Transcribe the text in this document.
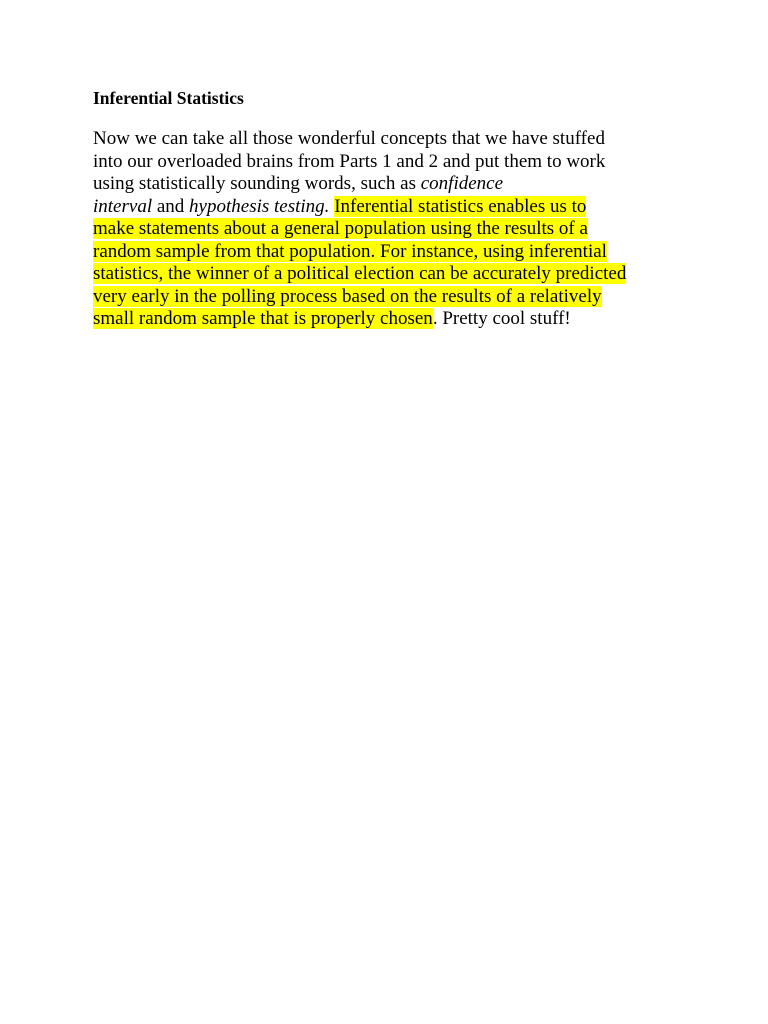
Inferential Statistics
Now we can take all those wonderful concepts that we have stuffed
into our overloaded brains from Parts 1 and 2 and put them to work
using statistically sounding words, such as confidence
interval and hypothesis testing. Inferential statistics enables us to
make statements about a general population using the results of a
random sample from that population. For instance, using inferential
statistics, the winner of a political election can be accurately predicted
very early in the polling process based on the results of a relatively
small random sample that is properly chosen. Pretty cool stuff!
